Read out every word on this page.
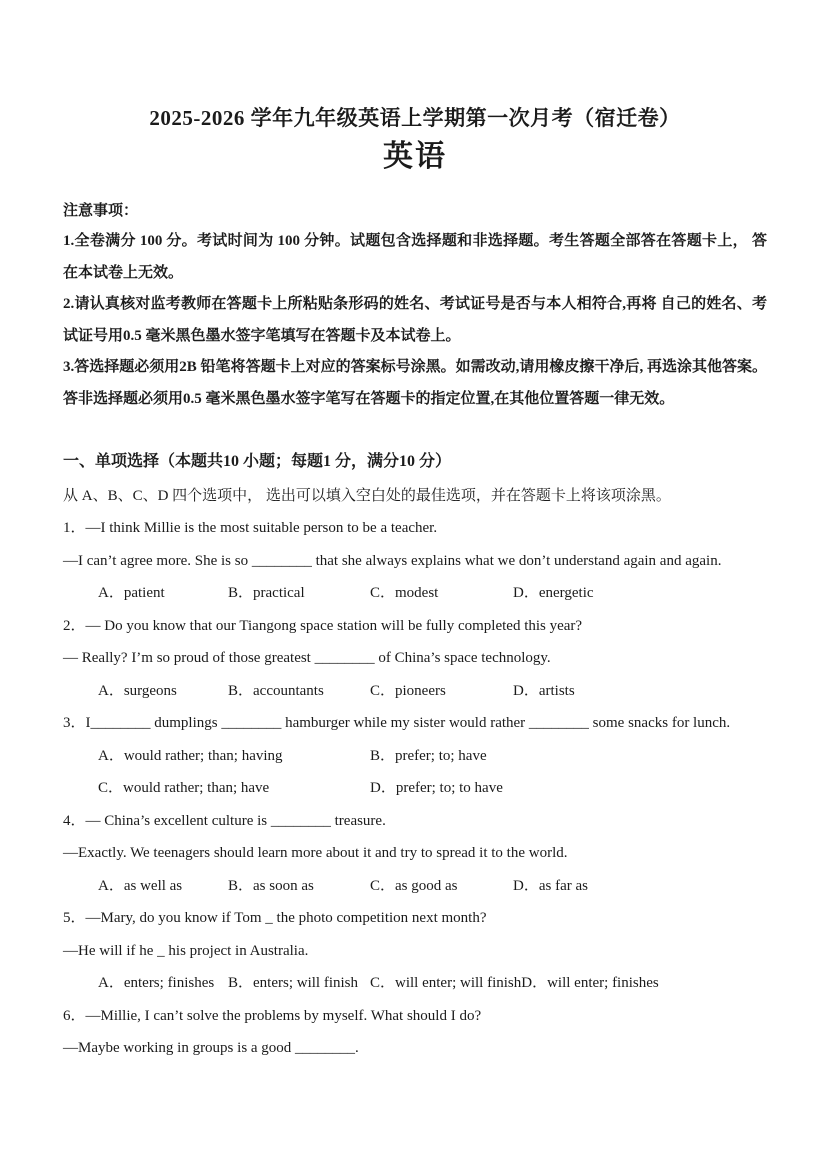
2025-2026 学年九年级英语上学期第一次月考（宿迁卷）

英语

注意事项：

1.全卷满分 100 分。考试时间为 100 分钟。试题包含选择题和非选择题。考生答题全部答在答题卡上， 答在本试卷上无效。

2.请认真核对监考教师在答题卡上所粘贴条形码的姓名、考试证号是否与本人相符合,再将 自己的姓名、考试证号用0.5 毫米黑色墨水签字笔填写在答题卡及本试卷上。

3.答选择题必须用2B 铅笔将答题卡上对应的答案标号涂黑。如需改动,请用橡皮擦干净后, 再选涂其他答案。答非选择题必须用0.5 毫米黑色墨水签字笔写在答题卡的指定位置,在其他位置答题一律无效。

一、单项选择（本题共10 小题；每题1 分，满分10 分）

从 A、B、C、D 四个选项中， 选出可以填入空白处的最佳选项，并在答题卡上将该项涂黑。

1．—I think Millie is the most suitable person to be a teacher.

—I can’t agree more. She is so ________ that she always explains what we don’t understand again and again.

A．patient	B．practical	C．modest	D．energetic

2．— Do you know that our Tiangong space station will be fully completed this year?

— Really? I’m so proud of those greatest ________ of China’s space technology.

A．surgeons	B．accountants	C．pioneers	D．artists

3．I________ dumplings ________ hamburger while my sister would rather ________ some snacks for lunch.

A．would rather; than; having	B．prefer; to; have

C．would rather; than; have	D．prefer; to; to have

4．— China’s excellent culture is ________ treasure.

—Exactly. We teenagers should learn more about it and try to spread it to the world.

A．as well as	B．as soon as	C．as good as	D．as far as

5．—Mary, do you know if Tom _ the photo competition next month?

—He will if he _ his project in Australia.

A．enters; finishes B．enters; will finish C．will enter; will finishD．will enter; finishes

6．—Millie, I can’t solve the problems by myself. What should I do?

—Maybe working in groups is a good ________.
